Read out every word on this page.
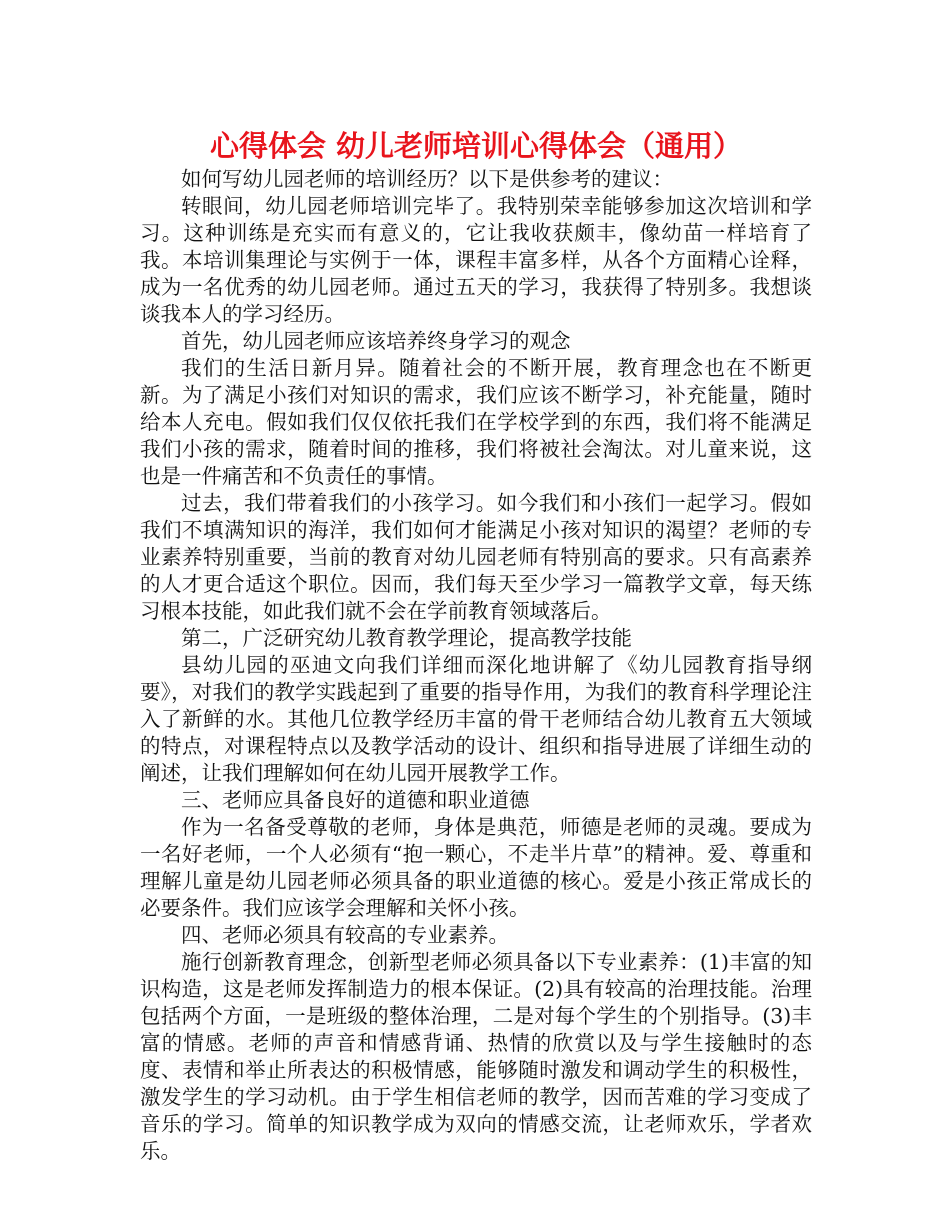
心得体会 幼儿老师培训心得体会（通用）

如何写幼儿园老师的培训经历？以下是供参考的建议：

转眼间，幼儿园老师培训完毕了。我特别荣幸能够参加这次培训和学习。这种训练是充实而有意义的，它让我收获颇丰，像幼苗一样培育了我。本培训集理论与实例于一体，课程丰富多样，从各个方面精心诠释，成为一名优秀的幼儿园老师。通过五天的学习，我获得了特别多。我想谈谈我本人的学习经历。

首先，幼儿园老师应该培养终身学习的观念

我们的生活日新月异。随着社会的不断开展，教育理念也在不断更新。为了满足小孩们对知识的需求，我们应该不断学习，补充能量，随时给本人充电。假如我们仅仅依托我们在学校学到的东西，我们将不能满足我们小孩的需求，随着时间的推移，我们将被社会淘汰。对儿童来说，这也是一件痛苦和不负责任的事情。

过去，我们带着我们的小孩学习。如今我们和小孩们一起学习。假如我们不填满知识的海洋，我们如何才能满足小孩对知识的渴望？老师的专业素养特别重要，当前的教育对幼儿园老师有特别高的要求。只有高素养的人才更合适这个职位。因而，我们每天至少学习一篇教学文章，每天练习根本技能，如此我们就不会在学前教育领域落后。

第二，广泛研究幼儿教育教学理论，提高教学技能

县幼儿园的巫迪文向我们详细而深化地讲解了《幼儿园教育指导纲要》，对我们的教学实践起到了重要的指导作用，为我们的教育科学理论注入了新鲜的水。其他几位教学经历丰富的骨干老师结合幼儿教育五大领域的特点，对课程特点以及教学活动的设计、组织和指导进展了详细生动的阐述，让我们理解如何在幼儿园开展教学工作。

三、老师应具备良好的道德和职业道德

作为一名备受尊敬的老师，身体是典范，师德是老师的灵魂。要成为一名好老师，一个人必须有“抱一颗心，不走半片草”的精神。爱、尊重和理解儿童是幼儿园老师必须具备的职业道德的核心。爱是小孩正常成长的必要条件。我们应该学会理解和关怀小孩。

四、老师必须具有较高的专业素养。

施行创新教育理念，创新型老师必须具备以下专业素养：(1)丰富的知识构造，这是老师发挥制造力的根本保证。(2)具有较高的治理技能。治理包括两个方面，一是班级的整体治理，二是对每个学生的个别指导。(3)丰富的情感。老师的声音和情感背诵、热情的欣赏以及与学生接触时的态度、表情和举止所表达的积极情感，能够随时激发和调动学生的积极性，激发学生的学习动机。由于学生相信老师的教学，因而苦难的学习变成了音乐的学习。简单的知识教学成为双向的情感交流，让老师欢乐，学者欢乐。
